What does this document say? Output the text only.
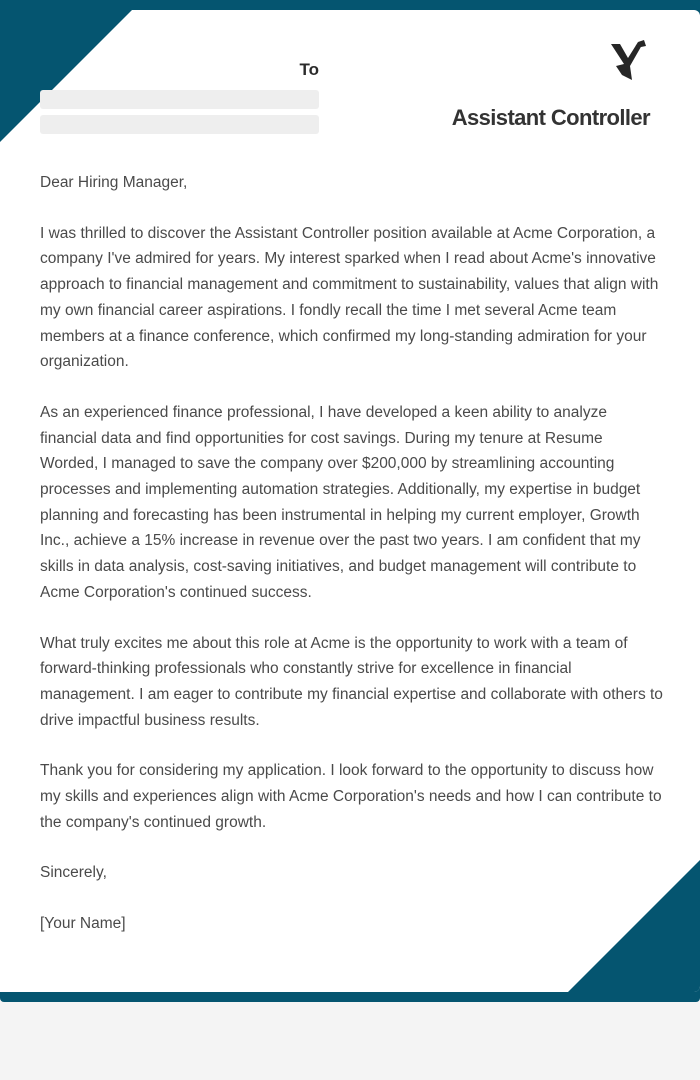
To
Assistant Controller

Dear Hiring Manager,

I was thrilled to discover the Assistant Controller position available at Acme Corporation, a company I've admired for years. My interest sparked when I read about Acme's innovative approach to financial management and commitment to sustainability, values that align with my own financial career aspirations. I fondly recall the time I met several Acme team members at a finance conference, which confirmed my long-standing admiration for your organization.

As an experienced finance professional, I have developed a keen ability to analyze financial data and find opportunities for cost savings. During my tenure at Resume Worded, I managed to save the company over $200,000 by streamlining accounting processes and implementing automation strategies. Additionally, my expertise in budget planning and forecasting has been instrumental in helping my current employer, Growth Inc., achieve a 15% increase in revenue over the past two years. I am confident that my skills in data analysis, cost-saving initiatives, and budget management will contribute to Acme Corporation's continued success.

What truly excites me about this role at Acme is the opportunity to work with a team of forward-thinking professionals who constantly strive for excellence in financial management. I am eager to contribute my financial expertise and collaborate with others to drive impactful business results.

Thank you for considering my application. I look forward to the opportunity to discuss how my skills and experiences align with Acme Corporation's needs and how I can contribute to the company's continued growth.

Sincerely,

[Your Name]
